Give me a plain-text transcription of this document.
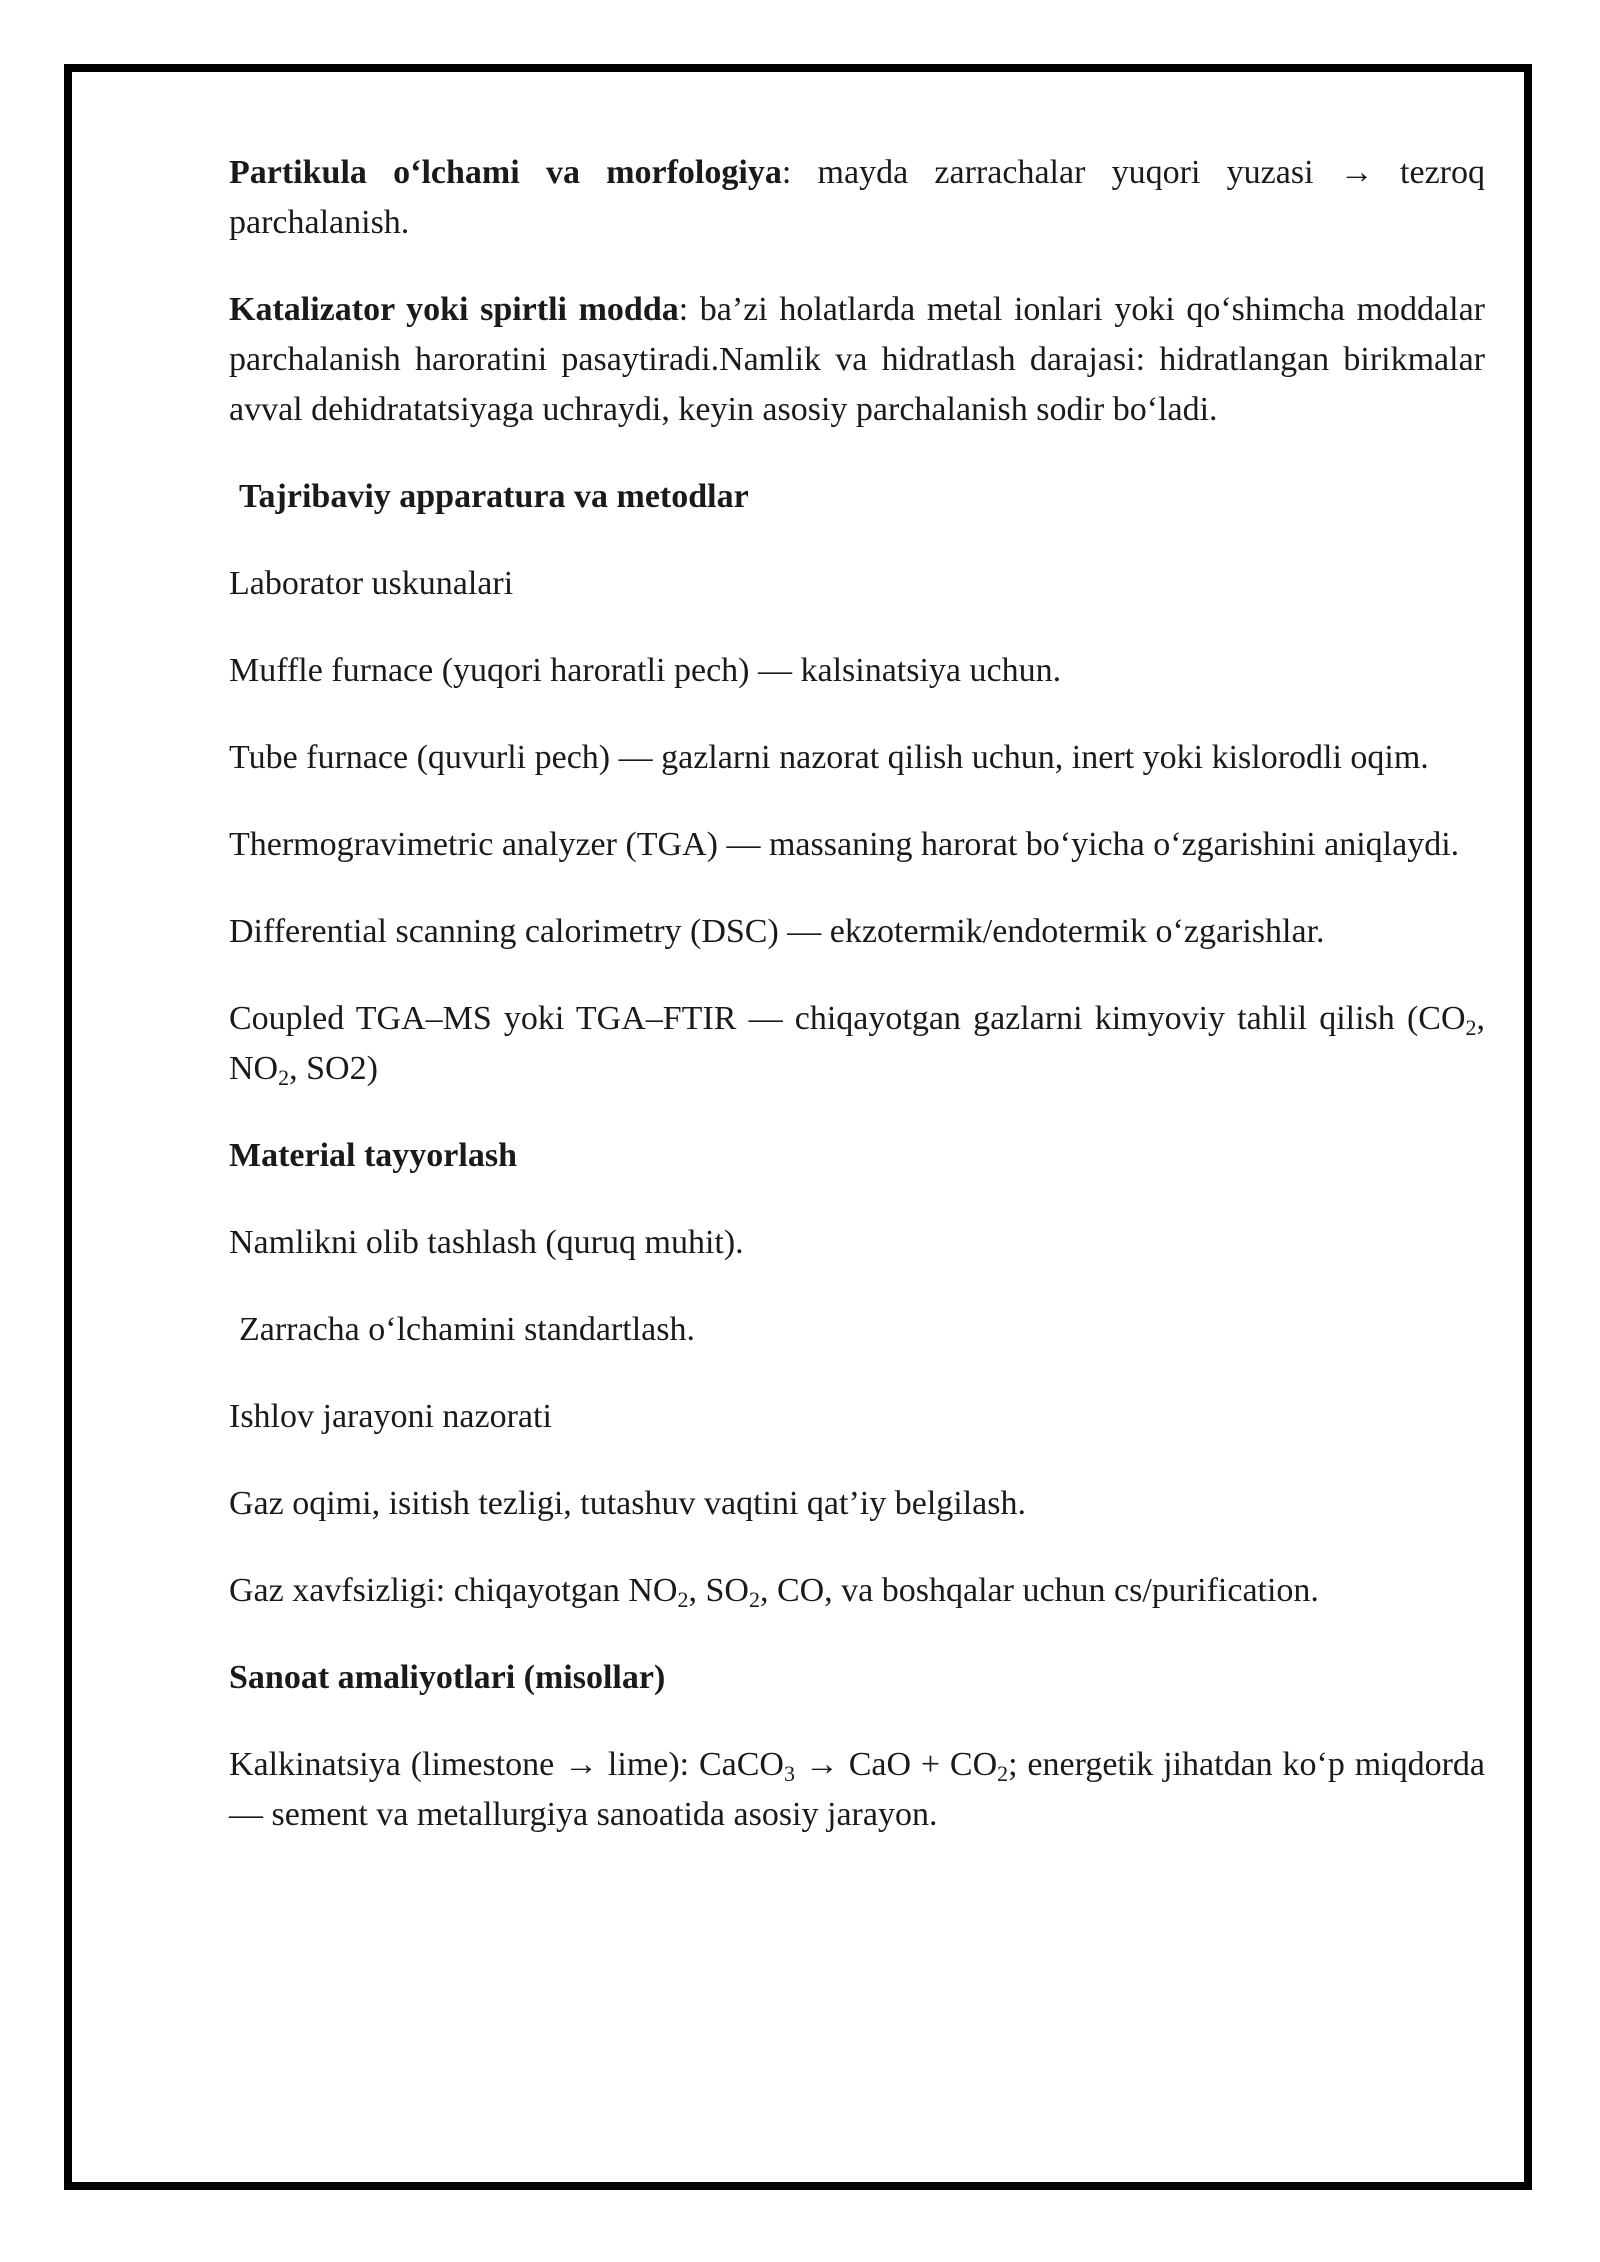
Partikula o‘lchami va morfologiya: mayda zarrachalar yuqori yuzasi → tezroq parchalanish.

Katalizator yoki spirtli modda: ba’zi holatlarda metal ionlari yoki qo‘shimcha moddalar parchalanish haroratini pasaytiradi.Namlik va hidratlash darajasi: hidratlangan birikmalar avval dehidratatsiyaga uchraydi, keyin asosiy parchalanish sodir bo‘ladi.

Tajribaviy apparatura va metodlar

Laborator uskunalari

Muffle furnace (yuqori haroratli pech) — kalsinatsiya uchun.

Tube furnace (quvurli pech) — gazlarni nazorat qilish uchun, inert yoki kislorodli oqim.

Thermogravimetric analyzer (TGA) — massaning harorat bo‘yicha o‘zgarishini aniqlaydi.

Differential scanning calorimetry (DSC) — ekzotermik/endotermik o‘zgarishlar.

Coupled TGA–MS yoki TGA–FTIR — chiqayotgan gazlarni kimyoviy tahlil qilish ($CO_2$, $NO_2$, SO2)

Material tayyorlash

Namlikni olib tashlash (quruq muhit).

Zarracha o‘lchamini standartlash.

Ishlov jarayoni nazorati

Gaz oqimi, isitish tezligi, tutashuv vaqtini qat’iy belgilash.

Gaz xavfsizligi: chiqayotgan $NO_2$, $SO_2$, CO, va boshqalar uchun cs/purification.

Sanoat amaliyotlari (misollar)

Kalkinatsiya (limestone → lime): CaCO$_3$ → CaO + $CO_2$; energetik jihatdan ko‘p miqdorda — sement va metallurgiya sanoatida asosiy jarayon.
